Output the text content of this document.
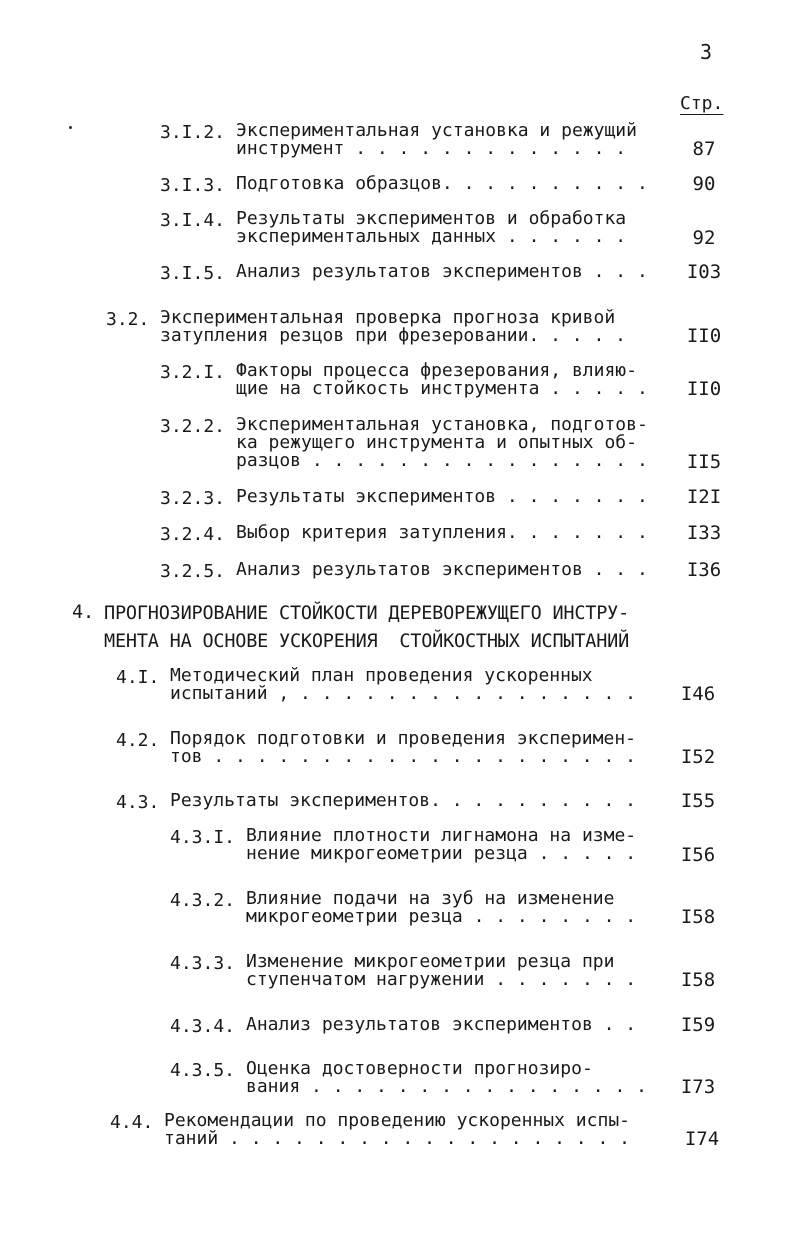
3
Стр.
3.I.2. Экспериментальная установка и режущий
инструмент . . . . . . . . . . . . .	87
3.I.3. Подготовка образцов. . . . . . . . . .	90
3.I.4. Результаты экспериментов и обработка
экспериментальных данных . . . . . .	92
3.I.5. Анализ результатов экспериментов . . .	I03
3.2. Экспериментальная проверка прогноза кривой
затупления резцов при фрезеровании. . . . .	II0
3.2.I. Факторы процесса фрезерования, влияю-
щие на стойкость инструмента . . . . .	II0
3.2.2. Экспериментальная установка, подготов-
ка режущего инструмента и опытных об-
разцов . . . . . . . . . . . . . . . .	II5
3.2.3. Результаты экспериментов . . . . . . .	I2I
3.2.4. Выбор критерия затупления. . . . . . .	I33
3.2.5. Анализ результатов экспериментов . . .	I36
4. ПРОГНОЗИРОВАНИЕ СТОЙКОСТИ ДЕРЕВОРЕЖУЩЕГО ИНСТРУ-
МЕНТА НА ОСНОВЕ УСКОРЕНИЯ  СТОЙКОСТНЫХ ИСПЫТАНИЙ
4.I. Методический план проведения ускоренных
испытаний , . . . . . . . . . . . . . . . .	I46
4.2. Порядок подготовки и проведения эксперимен-
тов . . . . . . . . . . . . . . . . . . . .	I52
4.3. Результаты экспериментов. . . . . . . . . .	I55
4.3.I. Влияние плотности лигнамона на изме-
нение микрогеометрии резца . . . . .	I56
4.3.2. Влияние подачи на зуб на изменение
микрогеометрии резца . . . . . . . .	I58
4.3.3. Изменение микрогеометрии резца при
ступенчатом нагружении . . . . . . .	I58
4.3.4. Анализ результатов экспериментов . .	I59
4.3.5. Оценка достоверности прогнозиро-
вания . . . . . . . . . . . . . . . .	I73
4.4. Рекомендации по проведению ускоренных испы-
таний . . . . . . . . . . . . . . . . . . .	I74
